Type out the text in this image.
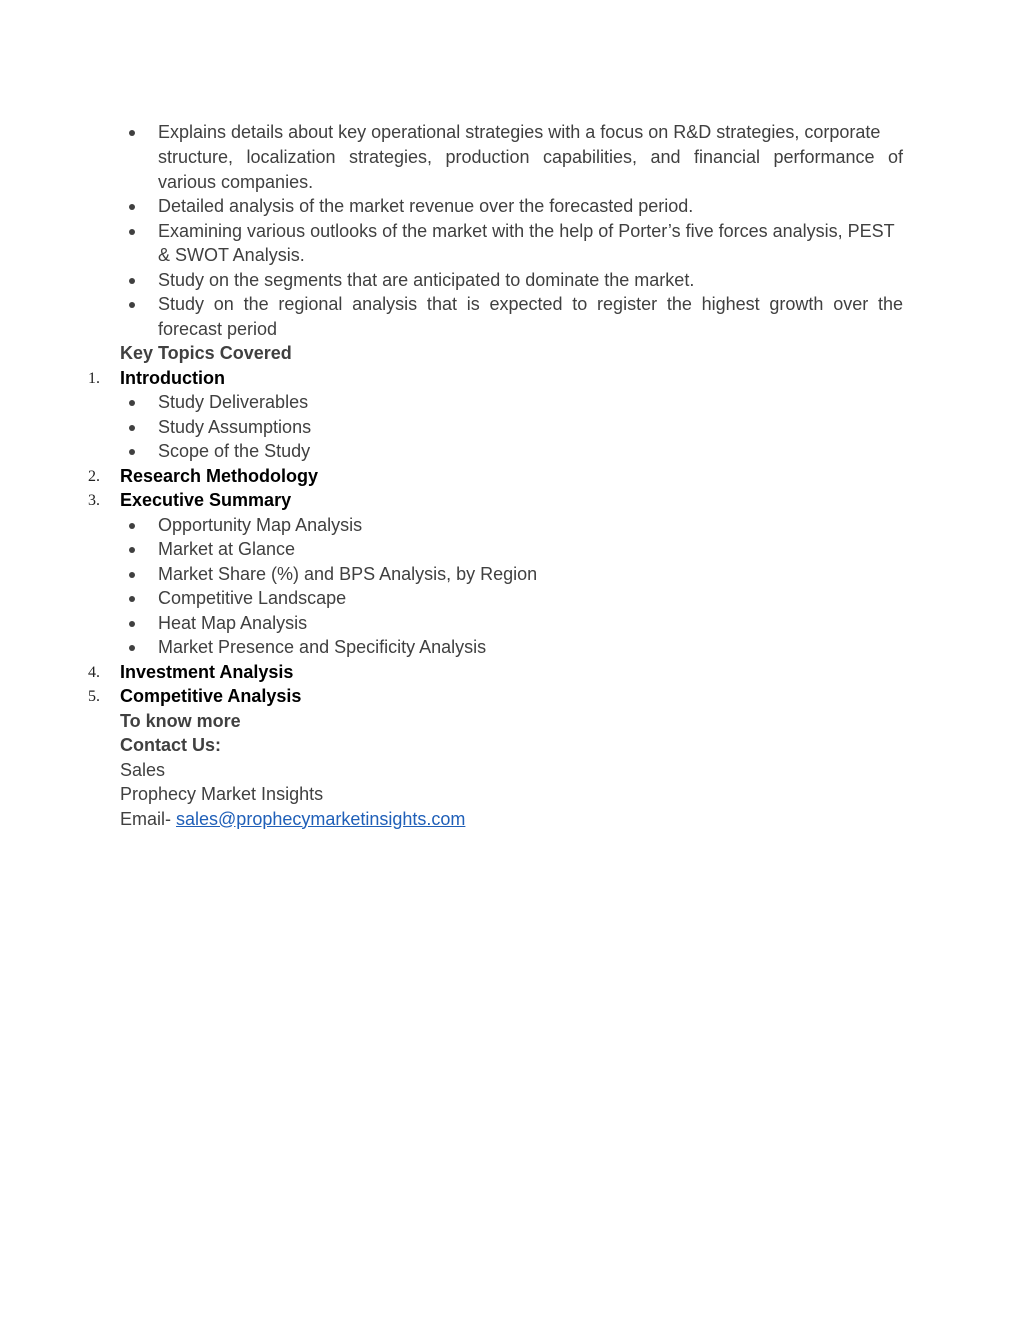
Explains details about key operational strategies with a focus on R&D strategies, corporate
structure, localization strategies, production capabilities, and financial performance of
various companies.
Detailed analysis of the market revenue over the forecasted period.
Examining various outlooks of the market with the help of Porter’s five forces analysis, PEST
& SWOT Analysis.
Study on the segments that are anticipated to dominate the market.
Study on the regional analysis that is expected to register the highest growth over the
forecast period
Key Topics Covered
1. Introduction
Study Deliverables
Study Assumptions
Scope of the Study
2. Research Methodology
3. Executive Summary
Opportunity Map Analysis
Market at Glance
Market Share (%) and BPS Analysis, by Region
Competitive Landscape
Heat Map Analysis
Market Presence and Specificity Analysis
4. Investment Analysis
5. Competitive Analysis
To know more
Contact Us:
Sales
Prophecy Market Insights
Email- sales@prophecymarketinsights.com
